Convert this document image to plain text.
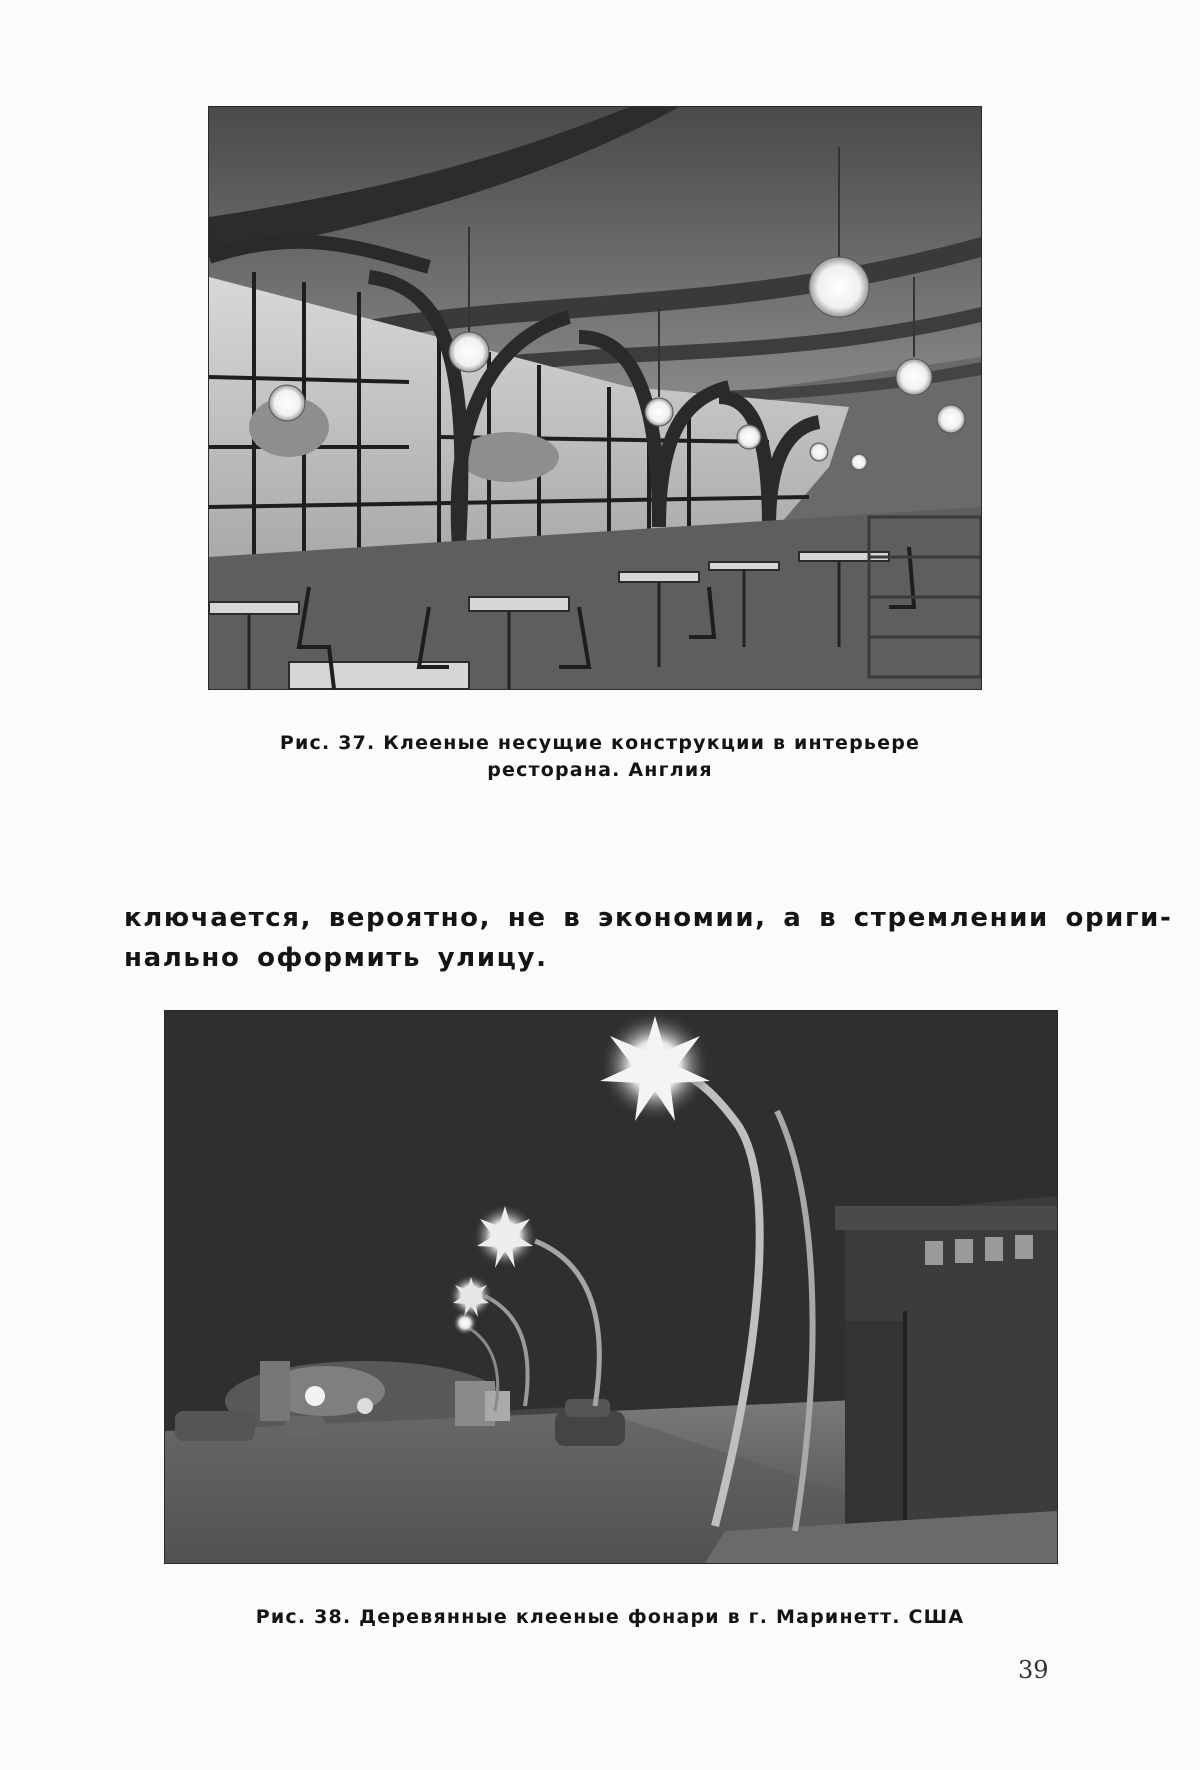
Рис. 37. Клееные несущие конструкции в интерьере
ресторана. Англия

ключается, вероятно, не в экономии, а в стремлении ориги-

нально оформить улицу.

Рис. 38. Деревянные клееные фонари в г. Маринетт. США
39
